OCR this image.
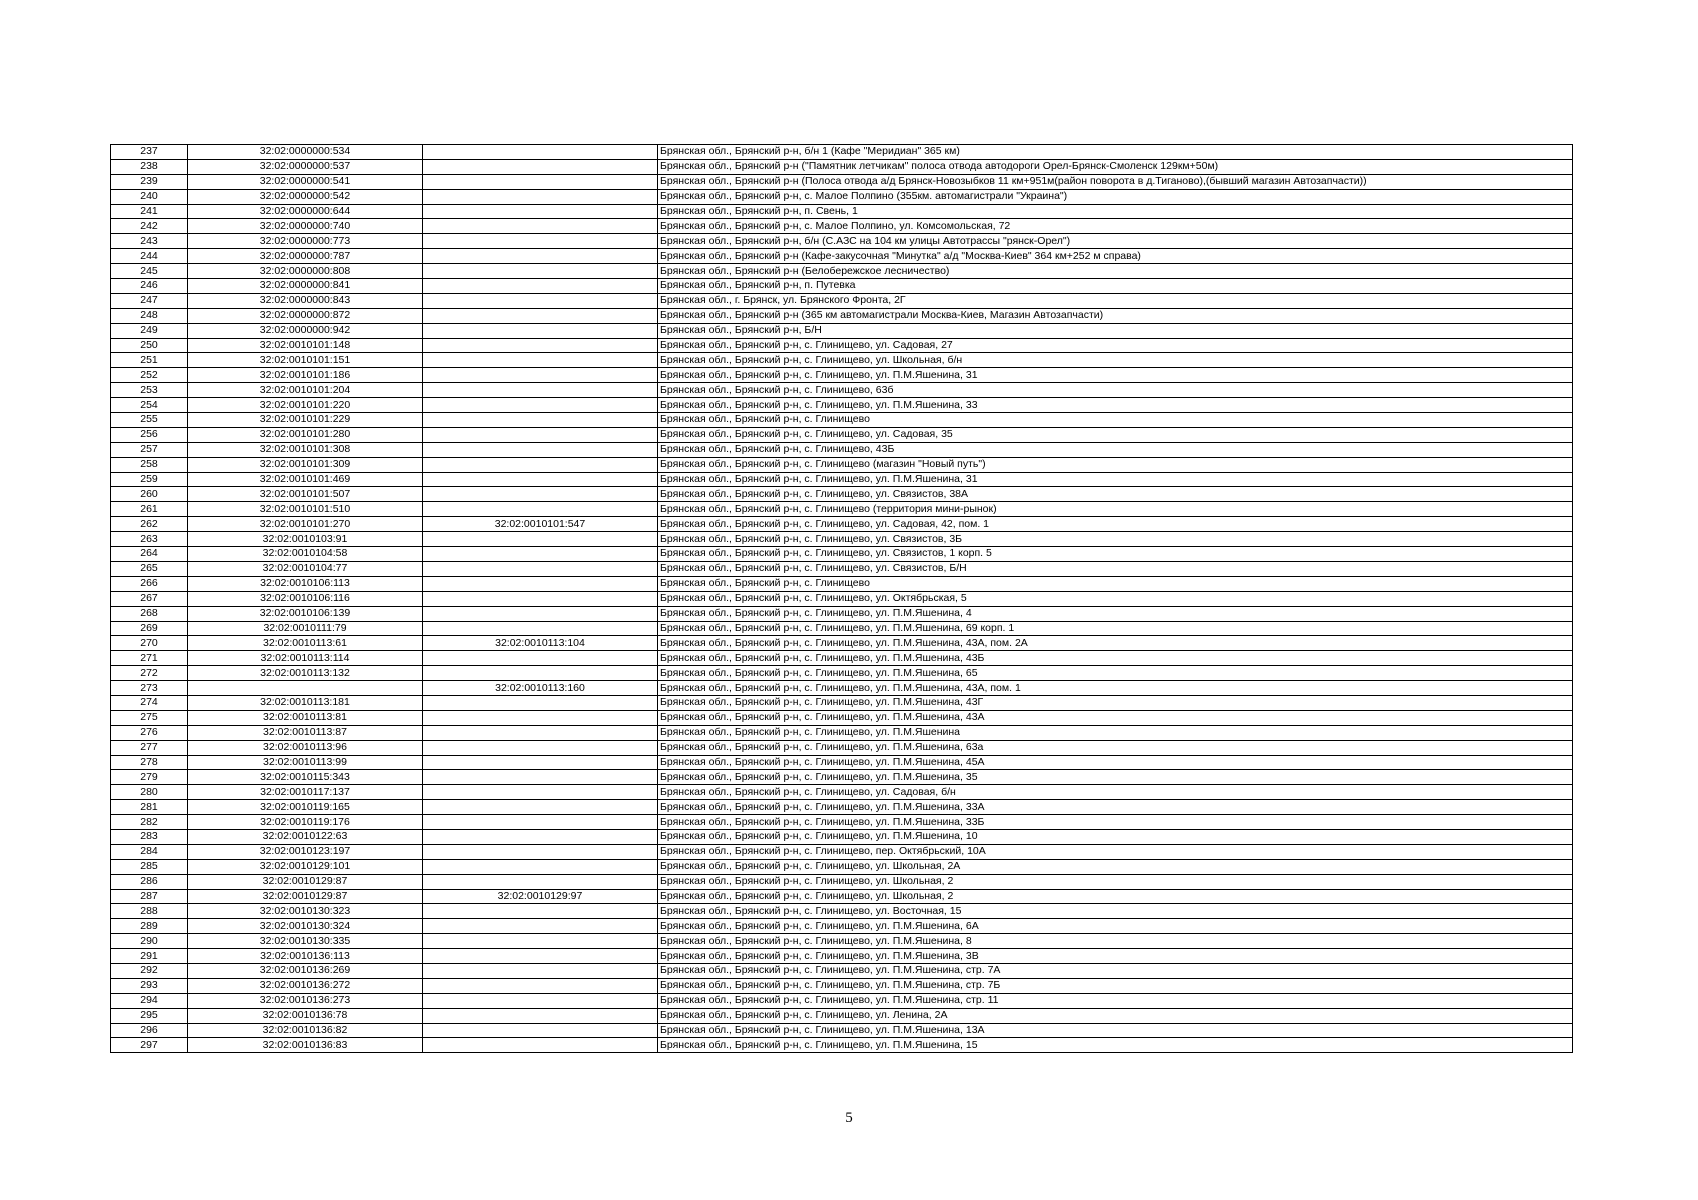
237	32:02:0000000:534		Брянская обл., Брянский р-н, б/н 1 (Кафе "Меридиан" 365 км)
238	32:02:0000000:537		Брянская обл., Брянский р-н ("Памятник летчикам" полоса отвода автодороги Орел-Брянск-Смоленск 129км+50м)
239	32:02:0000000:541		Брянская обл., Брянский р-н (Полоса отвода а/д Брянск-Новозыбков 11 км+951м(район поворота в д.Тиганово),(бывший магазин Автозапчасти))
240	32:02:0000000:542		Брянская обл., Брянский р-н, с. Малое Полпино (355км. автомагистрали "Украина")
241	32:02:0000000:644		Брянская обл., Брянский р-н, п. Свень, 1
242	32:02:0000000:740		Брянская обл., Брянский р-н, с. Малое Полпино, ул. Комсомольская, 72
243	32:02:0000000:773		Брянская обл., Брянский р-н, б/н (С.АЗС на 104 км улицы Автотрассы "рянск-Орел")
244	32:02:0000000:787		Брянская обл., Брянский р-н (Кафе-закусочная "Минутка" а/д "Москва-Киев" 364 км+252 м справа)
245	32:02:0000000:808		Брянская обл., Брянский р-н (Белобережское лесничество)
246	32:02:0000000:841		Брянская обл., Брянский р-н, п. Путевка
247	32:02:0000000:843		Брянская обл., г. Брянск, ул. Брянского Фронта, 2Г
248	32:02:0000000:872		Брянская обл., Брянский р-н (365 км автомагистрали Москва-Киев, Магазин Автозапчасти)
249	32:02:0000000:942		Брянская обл., Брянский р-н, Б/Н
250	32:02:0010101:148		Брянская обл., Брянский р-н, с. Глинищево, ул. Садовая, 27
251	32:02:0010101:151		Брянская обл., Брянский р-н, с. Глинищево, ул. Школьная, б/н
252	32:02:0010101:186		Брянская обл., Брянский р-н, с. Глинищево, ул. П.М.Яшенина, 31
253	32:02:0010101:204		Брянская обл., Брянский р-н, с. Глинищево, 63б
254	32:02:0010101:220		Брянская обл., Брянский р-н, с. Глинищево, ул. П.М.Яшенина, 33
255	32:02:0010101:229		Брянская обл., Брянский р-н, с. Глинищево
256	32:02:0010101:280		Брянская обл., Брянский р-н, с. Глинищево, ул. Садовая, 35
257	32:02:0010101:308		Брянская обл., Брянский р-н, с. Глинищево, 43Б
258	32:02:0010101:309		Брянская обл., Брянский р-н, с. Глинищево (магазин "Новый путь")
259	32:02:0010101:469		Брянская обл., Брянский р-н, с. Глинищево, ул. П.М.Яшенина, 31
260	32:02:0010101:507		Брянская обл., Брянский р-н, с. Глинищево, ул. Связистов, 38А
261	32:02:0010101:510		Брянская обл., Брянский р-н, с. Глинищево (территория мини-рынок)
262	32:02:0010101:270	32:02:0010101:547	Брянская обл., Брянский р-н, с. Глинищево, ул. Садовая, 42, пом. 1
263	32:02:0010103:91		Брянская обл., Брянский р-н, с. Глинищево, ул. Связистов, 3Б
264	32:02:0010104:58		Брянская обл., Брянский р-н, с. Глинищево, ул. Связистов, 1 корп. 5
265	32:02:0010104:77		Брянская обл., Брянский р-н, с. Глинищево, ул. Связистов, Б/Н
266	32:02:0010106:113		Брянская обл., Брянский р-н, с. Глинищево
267	32:02:0010106:116		Брянская обл., Брянский р-н, с. Глинищево, ул. Октябрьская, 5
268	32:02:0010106:139		Брянская обл., Брянский р-н, с. Глинищево, ул. П.М.Яшенина, 4
269	32:02:0010111:79		Брянская обл., Брянский р-н, с. Глинищево, ул. П.М.Яшенина, 69 корп. 1
270	32:02:0010113:61	32:02:0010113:104	Брянская обл., Брянский р-н, с. Глинищево, ул. П.М.Яшенина, 43А, пом. 2А
271	32:02:0010113:114		Брянская обл., Брянский р-н, с. Глинищево, ул. П.М.Яшенина, 43Б
272	32:02:0010113:132		Брянская обл., Брянский р-н, с. Глинищево, ул. П.М.Яшенина, 65
273		32:02:0010113:160	Брянская обл., Брянский р-н, с. Глинищево, ул. П.М.Яшенина, 43А, пом. 1
274	32:02:0010113:181		Брянская обл., Брянский р-н, с. Глинищево, ул. П.М.Яшенина, 43Г
275	32:02:0010113:81		Брянская обл., Брянский р-н, с. Глинищево, ул. П.М.Яшенина, 43А
276	32:02:0010113:87		Брянская обл., Брянский р-н, с. Глинищево, ул. П.М.Яшенина
277	32:02:0010113:96		Брянская обл., Брянский р-н, с. Глинищево, ул. П.М.Яшенина, 63а
278	32:02:0010113:99		Брянская обл., Брянский р-н, с. Глинищево, ул. П.М.Яшенина, 45А
279	32:02:0010115:343		Брянская обл., Брянский р-н, с. Глинищево, ул. П.М.Яшенина, 35
280	32:02:0010117:137		Брянская обл., Брянский р-н, с. Глинищево, ул. Садовая, б/н
281	32:02:0010119:165		Брянская обл., Брянский р-н, с. Глинищево, ул. П.М.Яшенина, 33А
282	32:02:0010119:176		Брянская обл., Брянский р-н, с. Глинищево, ул. П.М.Яшенина, 33Б
283	32:02:0010122:63		Брянская обл., Брянский р-н, с. Глинищево, ул. П.М.Яшенина, 10
284	32:02:0010123:197		Брянская обл., Брянский р-н, с. Глинищево, пер. Октябрьский, 10А
285	32:02:0010129:101		Брянская обл., Брянский р-н, с. Глинищево, ул. Школьная, 2А
286	32:02:0010129:87		Брянская обл., Брянский р-н, с. Глинищево, ул. Школьная, 2
287	32:02:0010129:87	32:02:0010129:97	Брянская обл., Брянский р-н, с. Глинищево, ул. Школьная, 2
288	32:02:0010130:323		Брянская обл., Брянский р-н, с. Глинищево, ул. Восточная, 15
289	32:02:0010130:324		Брянская обл., Брянский р-н, с. Глинищево, ул. П.М.Яшенина, 6А
290	32:02:0010130:335		Брянская обл., Брянский р-н, с. Глинищево, ул. П.М.Яшенина, 8
291	32:02:0010136:113		Брянская обл., Брянский р-н, с. Глинищево, ул. П.М.Яшенина, 3В
292	32:02:0010136:269		Брянская обл., Брянский р-н, с. Глинищево, ул. П.М.Яшенина, стр. 7А
293	32:02:0010136:272		Брянская обл., Брянский р-н, с. Глинищево, ул. П.М.Яшенина, стр. 7Б
294	32:02:0010136:273		Брянская обл., Брянский р-н, с. Глинищево, ул. П.М.Яшенина, стр. 11
295	32:02:0010136:78		Брянская обл., Брянский р-н, с. Глинищево, ул. Ленина, 2А
296	32:02:0010136:82		Брянская обл., Брянский р-н, с. Глинищево, ул. П.М.Яшенина, 13А
297	32:02:0010136:83		Брянская обл., Брянский р-н, с. Глинищево, ул. П.М.Яшенина, 15
5
